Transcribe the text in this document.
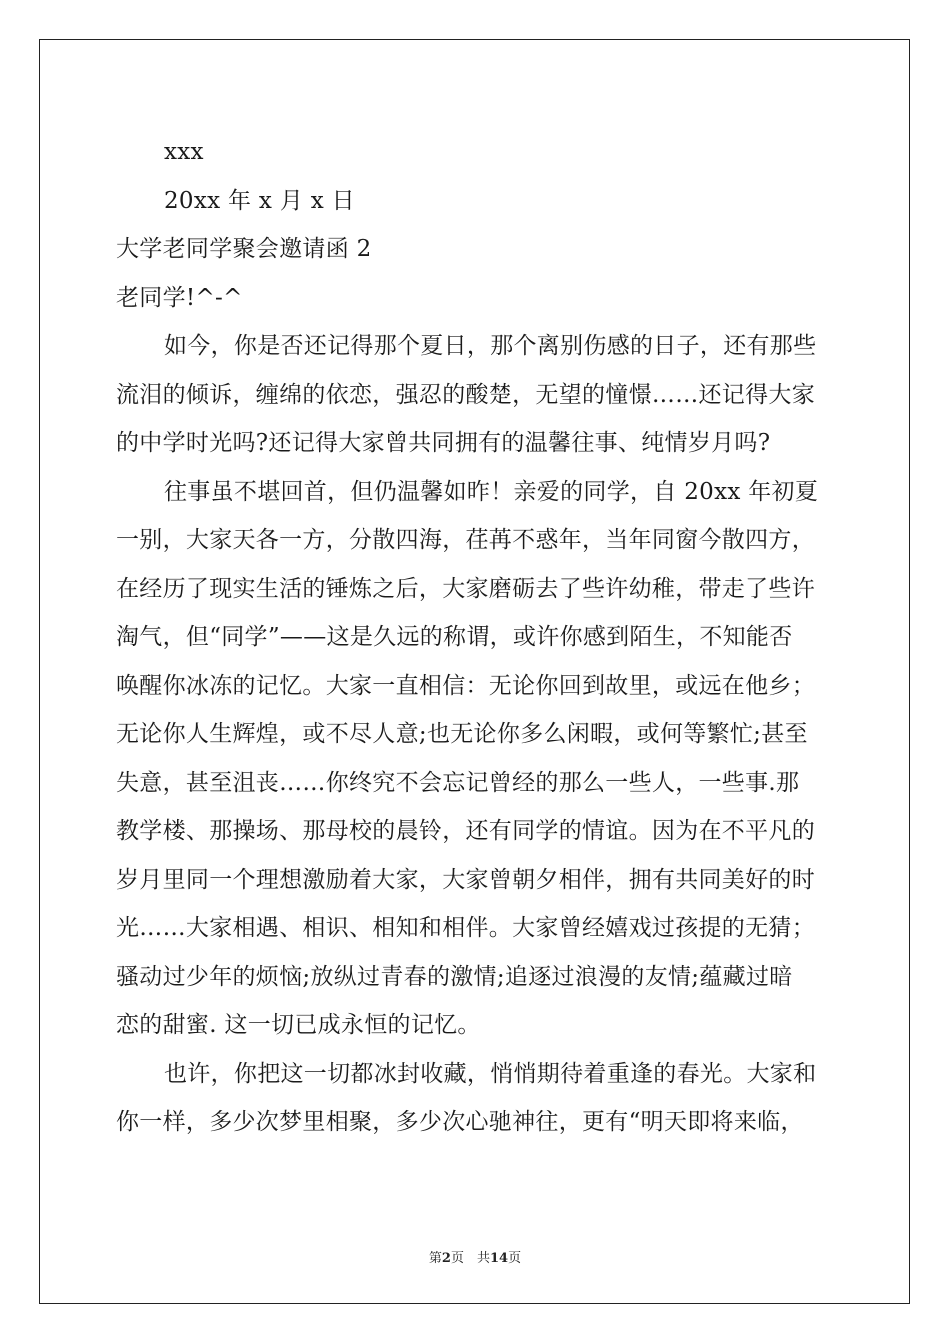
xxx

20xx 年 x 月 x 日

大学老同学聚会邀请函 2

老同学!^-^

如今，你是否还记得那个夏日，那个离别伤感的日子，还有那些

流泪的倾诉，缠绵的依恋，强忍的酸楚，无望的憧憬……还记得大家

的中学时光吗?还记得大家曾共同拥有的温馨往事、纯情岁月吗?

往事虽不堪回首，但仍温馨如昨！亲爱的同学，自 20xx 年初夏

一别，大家天各一方，分散四海，荏苒不惑年，当年同窗今散四方，

在经历了现实生活的锤炼之后，大家磨砺去了些许幼稚，带走了些许

淘气，但“同学”——这是久远的称谓，或许你感到陌生，不知能否

唤醒你冰冻的记忆。大家一直相信：无论你回到故里，或远在他乡；

无论你人生辉煌，或不尽人意;也无论你多么闲暇，或何等繁忙;甚至

失意，甚至沮丧……你终究不会忘记曾经的那么一些人，一些事.那

教学楼、那操场、那母校的晨铃，还有同学的情谊。因为在不平凡的

岁月里同一个理想激励着大家，大家曾朝夕相伴，拥有共同美好的时

光……大家相遇、相识、相知和相伴。大家曾经嬉戏过孩提的无猜；

骚动过少年的烦恼;放纵过青春的激情;追逐过浪漫的友情;蕴藏过暗

恋的甜蜜. 这一切已成永恒的记忆。

也许，你把这一切都冰封收藏，悄悄期待着重逢的春光。大家和

你一样，多少次梦里相聚，多少次心驰神往，更有“明天即将来临，

第2页　共14页
